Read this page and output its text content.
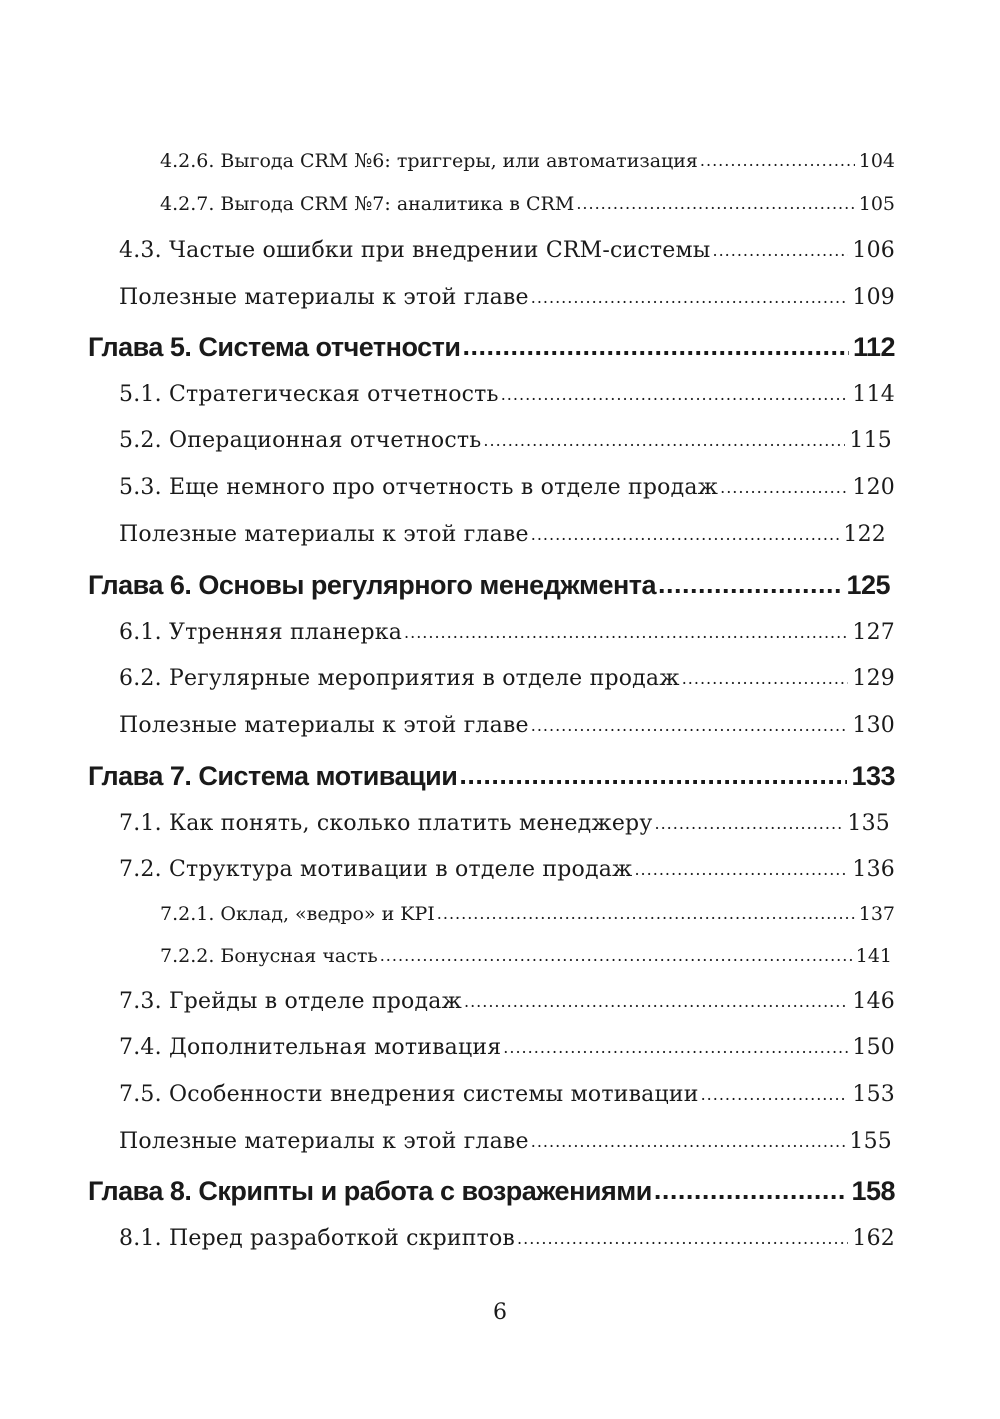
4.2.6. Выгода CRM №6: триггеры, или автоматизация .....	104
4.2.7. Выгода CRM №7: аналитика в CRM .....	105
4.3. Частые ошибки при внедрении CRM-системы .....	106
Полезные материалы к этой главе .....	109
Глава 5. Система отчетности .....	112
5.1. Стратегическая отчетность .....	114
5.2. Операционная отчетность .....	115
5.3. Еще немного про отчетность в отделе продаж .....	120
Полезные материалы к этой главе .....	122
Глава 6. Основы регулярного менеджмента .....	125
6.1. Утренняя планерка .....	127
6.2. Регулярные мероприятия в отделе продаж .....	129
Полезные материалы к этой главе .....	130
Глава 7. Система мотивации .....	133
7.1. Как понять, сколько платить менеджеру .....	135
7.2. Структура мотивации в отделе продаж .....	136
7.2.1. Оклад, «ведро» и KPI .....	137
7.2.2. Бонусная часть .....	141
7.3. Грейды в отделе продаж .....	146
7.4. Дополнительная мотивация .....	150
7.5. Особенности внедрения системы мотивации .....	153
Полезные материалы к этой главе .....	155
Глава 8. Скрипты и работа с возражениями .....	158
8.1. Перед разработкой скриптов .....	162
6
